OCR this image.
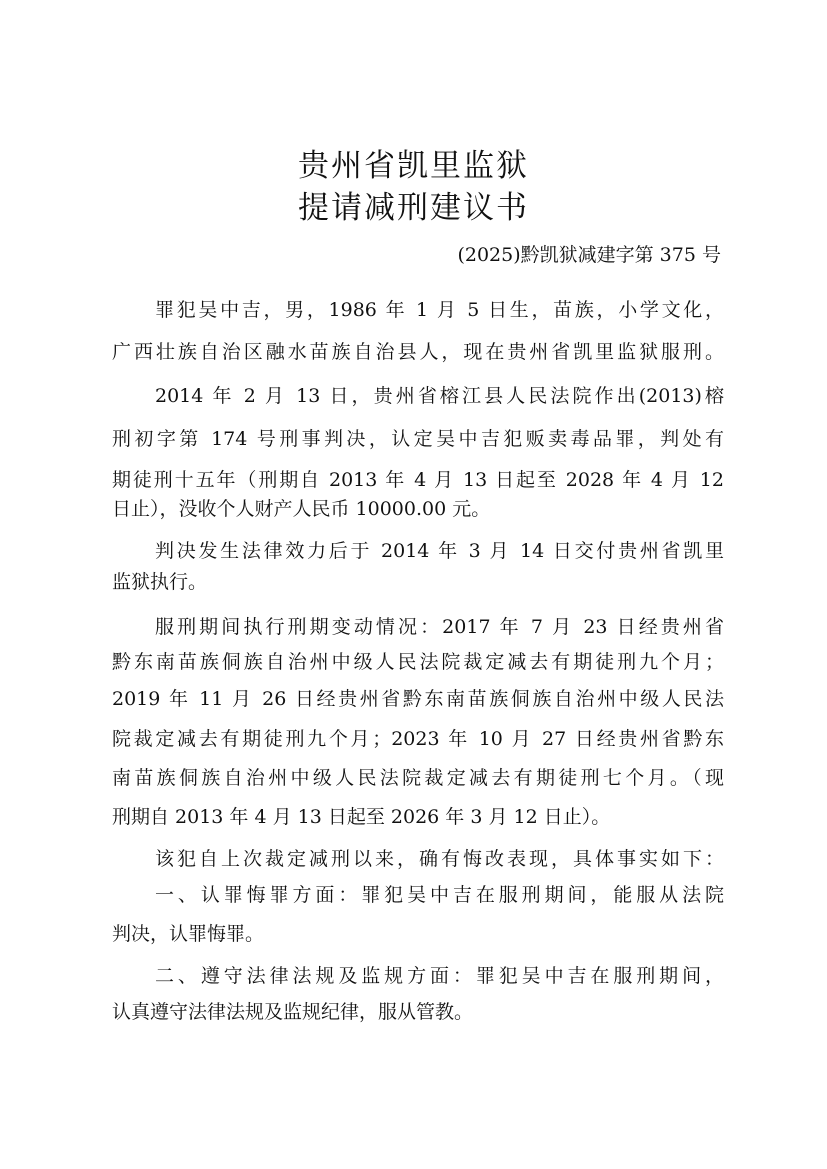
贵州省凯里监狱
提请减刑建议书
(2025)黔凯狱减建字第 375 号
罪犯吴中吉，男，1986 年 1 月 5 日生，苗族，小学文化，
广西壮族自治区融水苗族自治县人，现在贵州省凯里监狱服刑。
2014 年 2 月 13 日，贵州省榕江县人民法院作出(2013)榕
刑初字第 174 号刑事判决，认定吴中吉犯贩卖毒品罪，判处有
期徒刑十五年（刑期自 2013 年 4 月 13 日起至 2028 年 4 月 12
日止），没收个人财产人民币 10000.00 元。
判决发生法律效力后于 2014 年 3 月 14 日交付贵州省凯里
监狱执行。
服刑期间执行刑期变动情况：2017 年 7 月 23 日经贵州省
黔东南苗族侗族自治州中级人民法院裁定减去有期徒刑九个月；
2019 年 11 月 26 日经贵州省黔东南苗族侗族自治州中级人民法
院裁定减去有期徒刑九个月；2023 年 10 月 27 日经贵州省黔东
南苗族侗族自治州中级人民法院裁定减去有期徒刑七个月。（现
刑期自 2013 年 4 月 13 日起至 2026 年 3 月 12 日止）。
该犯自上次裁定减刑以来，确有悔改表现，具体事实如下：
一、认罪悔罪方面：罪犯吴中吉在服刑期间，能服从法院
判决，认罪悔罪。
二、遵守法律法规及监规方面：罪犯吴中吉在服刑期间，
认真遵守法律法规及监规纪律，服从管教。
